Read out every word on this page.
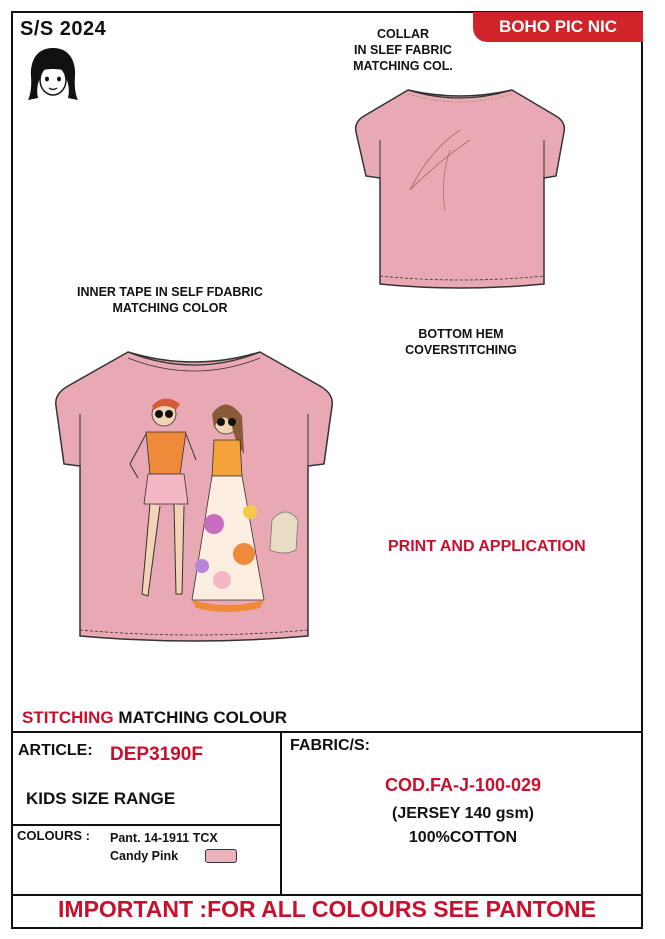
S/S 2024	BOHO PIC NIC
COLLAR
IN SLEF FABRIC
MATCHING COL.
INNER TAPE IN SELF FDABRIC
MATCHING COLOR
BOTTOM HEM
COVERSTITCHING
PRINT AND APPLICATION
STITCHING MATCHING COLOUR
ARTICLE: DEP3190F
KIDS SIZE RANGE
COLOURS : Pant. 14-1911 TCX
Candy Pink
FABRIC/S:
COD.FA-J-100-029
(JERSEY 140 gsm)
100%COTTON
IMPORTANT :FOR ALL COLOURS SEE PANTONE
